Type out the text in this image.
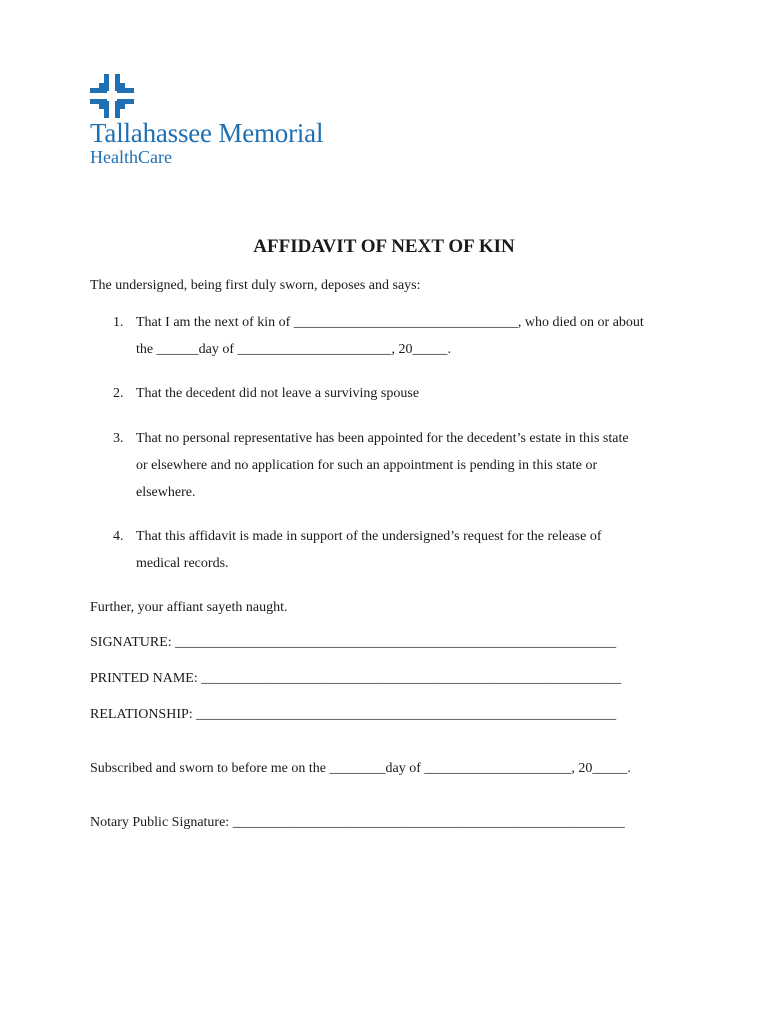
Tallahassee Memorial
HealthCare
AFFIDAVIT OF NEXT OF KIN
The undersigned, being first duly sworn, deposes and says:
1. That I am the next of kin of ________________________________, who died on or about
the ______day of ______________________, 20_____.
2. That the decedent did not leave a surviving spouse
3. That no personal representative has been appointed for the decedent’s estate in this state
or elsewhere and no application for such an appointment is pending in this state or
elsewhere.
4. That this affidavit is made in support of the undersigned’s request for the release of
medical records.
Further, your affiant sayeth naught.
SIGNATURE: _______________________________________________________________
PRINTED NAME: ____________________________________________________________
RELATIONSHIP: ____________________________________________________________
Subscribed and sworn to before me on the ________day of _____________________, 20_____.
Notary Public Signature: ________________________________________________________
